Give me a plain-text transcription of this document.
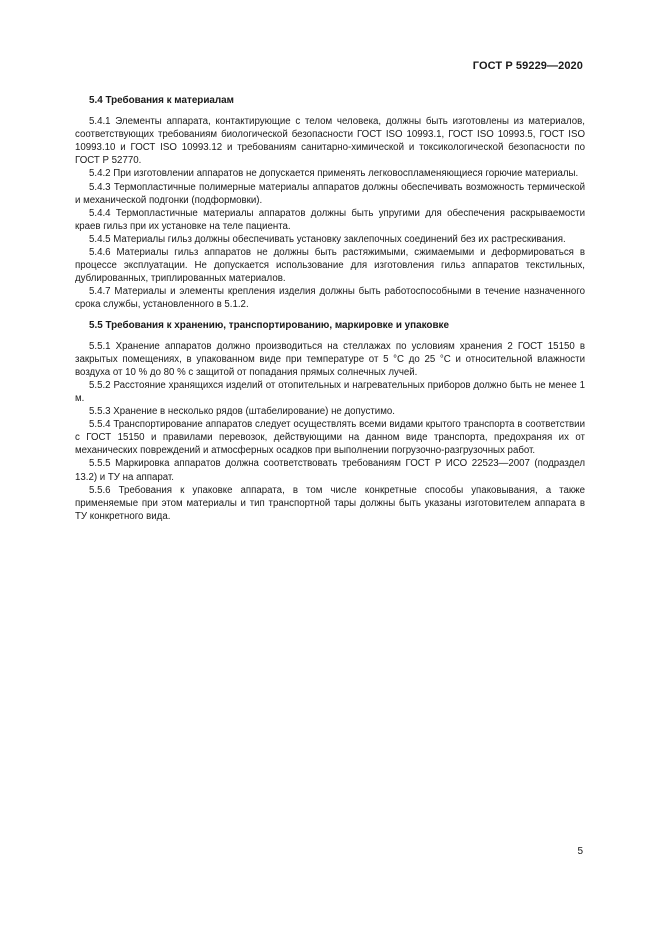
ГОСТ Р 59229—2020

5.4 Требования к материалам

5.4.1 Элементы аппарата, контактирующие с телом человека, должны быть изготовлены из материалов, соответствующих требованиям биологической безопасности ГОСТ ISO 10993.1, ГОСТ ISO 10993.5, ГОСТ ISO 10993.10 и ГОСТ ISO 10993.12 и требованиям санитарно-химической и токсикологической безопасности по ГОСТ Р 52770.

5.4.2 При изготовлении аппаратов не допускается применять легковоспламеняющиеся горючие материалы.

5.4.3 Термопластичные полимерные материалы аппаратов должны обеспечивать возможность термической и механической подгонки (подформовки).

5.4.4 Термопластичные материалы аппаратов должны быть упругими для обеспечения раскрываемости краев гильз при их установке на теле пациента.

5.4.5 Материалы гильз должны обеспечивать установку заклепочных соединений без их растрескивания.

5.4.6 Материалы гильз аппаратов не должны быть растяжимыми, сжимаемыми и деформироваться в процессе эксплуатации. Не допускается использование для изготовления гильз аппаратов текстильных, дублированных, триплированных материалов.

5.4.7 Материалы и элементы крепления изделия должны быть работоспособными в течение назначенного срока службы, установленного в 5.1.2.

5.5 Требования к хранению, транспортированию, маркировке и упаковке

5.5.1 Хранение аппаратов должно производиться на стеллажах по условиям хранения 2 ГОСТ 15150 в закрытых помещениях, в упакованном виде при температуре от 5 °С до 25 °С и относительной влажности воздуха от 10 % до 80 % с защитой от попадания прямых солнечных лучей.

5.5.2 Расстояние хранящихся изделий от отопительных и нагревательных приборов должно быть не менее 1 м.

5.5.3 Хранение в несколько рядов (штабелирование) не допустимо.

5.5.4 Транспортирование аппаратов следует осуществлять всеми видами крытого транспорта в соответствии с ГОСТ 15150 и правилами перевозок, действующими на данном виде транспорта, предохраняя их от механических повреждений и атмосферных осадков при выполнении погрузочно-разгрузочных работ.

5.5.5 Маркировка аппаратов должна соответствовать требованиям ГОСТ Р ИСО 22523—2007 (подраздел 13.2) и ТУ на аппарат.

5.5.6 Требования к упаковке аппарата, в том числе конкретные способы упаковывания, а также применяемые при этом материалы и тип транспортной тары должны быть указаны изготовителем аппарата в ТУ конкретного вида.

5
